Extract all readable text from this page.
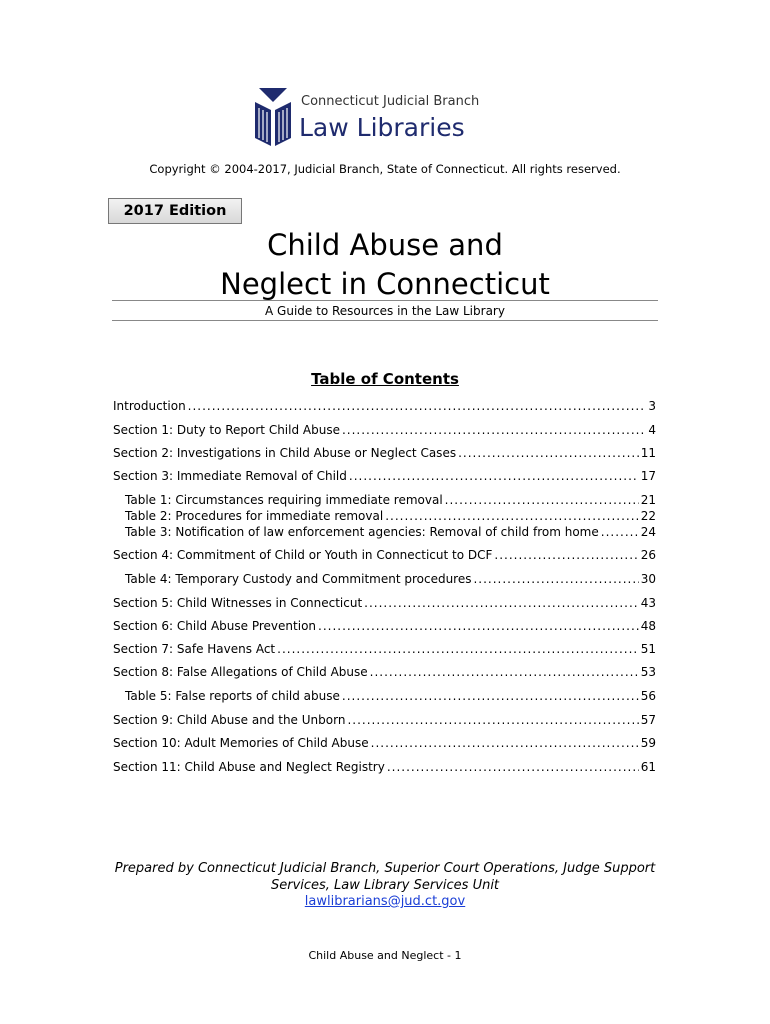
Connecticut Judicial Branch
Law Libraries
Copyright © 2004-2017, Judicial Branch, State of Connecticut. All rights reserved.
2017 Edition
Child Abuse and
Neglect in Connecticut
A Guide to Resources in the Law Library
Table of Contents
Introduction .....	3
Section 1: Duty to Report Child Abuse .....	4
Section 2: Investigations in Child Abuse or Neglect Cases .....	11
Section 3: Immediate Removal of Child .....	17
Table 1: Circumstances requiring immediate removal .....	21
Table 2: Procedures for immediate removal .....	22
Table 3: Notification of law enforcement agencies: Removal of child from home .....	24
Section 4: Commitment of Child or Youth in Connecticut to DCF .....	26
Table 4: Temporary Custody and Commitment procedures .....	30
Section 5: Child Witnesses in Connecticut .....	43
Section 6: Child Abuse Prevention .....	48
Section 7: Safe Havens Act .....	51
Section 8: False Allegations of Child Abuse .....	53
Table 5: False reports of child abuse .....	56
Section 9: Child Abuse and the Unborn .....	57
Section 10: Adult Memories of Child Abuse .....	59
Section 11: Child Abuse and Neglect Registry .....	61
Prepared by Connecticut Judicial Branch, Superior Court Operations, Judge Support
Services, Law Library Services Unit
lawlibrarians@jud.ct.gov
Child Abuse and Neglect - 1
